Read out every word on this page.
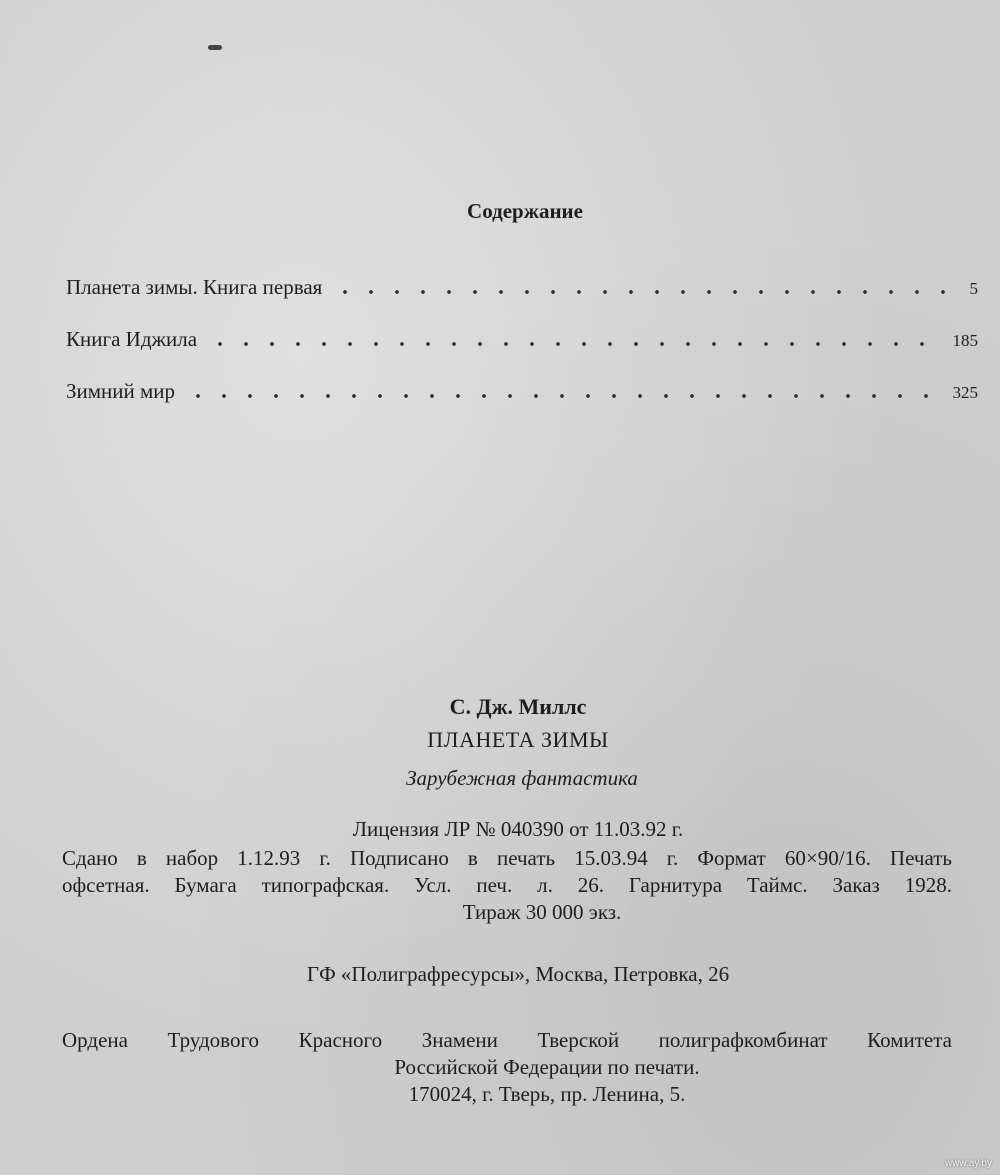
Содержание
Планета зимы. Книга первая	5
Книга Иджила	185
Зимний мир	325
С. Дж. Миллс
ПЛАНЕТА ЗИМЫ
Зарубежная фантастика
Лицензия ЛР № 040390 от 11.03.92 г.
Сдано в набор 1.12.93 г. Подписано в печать 15.03.94 г. Формат 60×90/16. Печать
офсетная. Бумага типографская. Усл. печ. л. 26. Гарнитура Таймс. Заказ 1928.
Тираж 30 000 экз.
ГФ «Полиграфресурсы», Москва, Петровка, 26
Ордена Трудового Красного Знамени Тверской полиграфкомбинат Комитета
Российской Федерации по печати.
170024, г. Тверь, пр. Ленина, 5.
www.ay.by
